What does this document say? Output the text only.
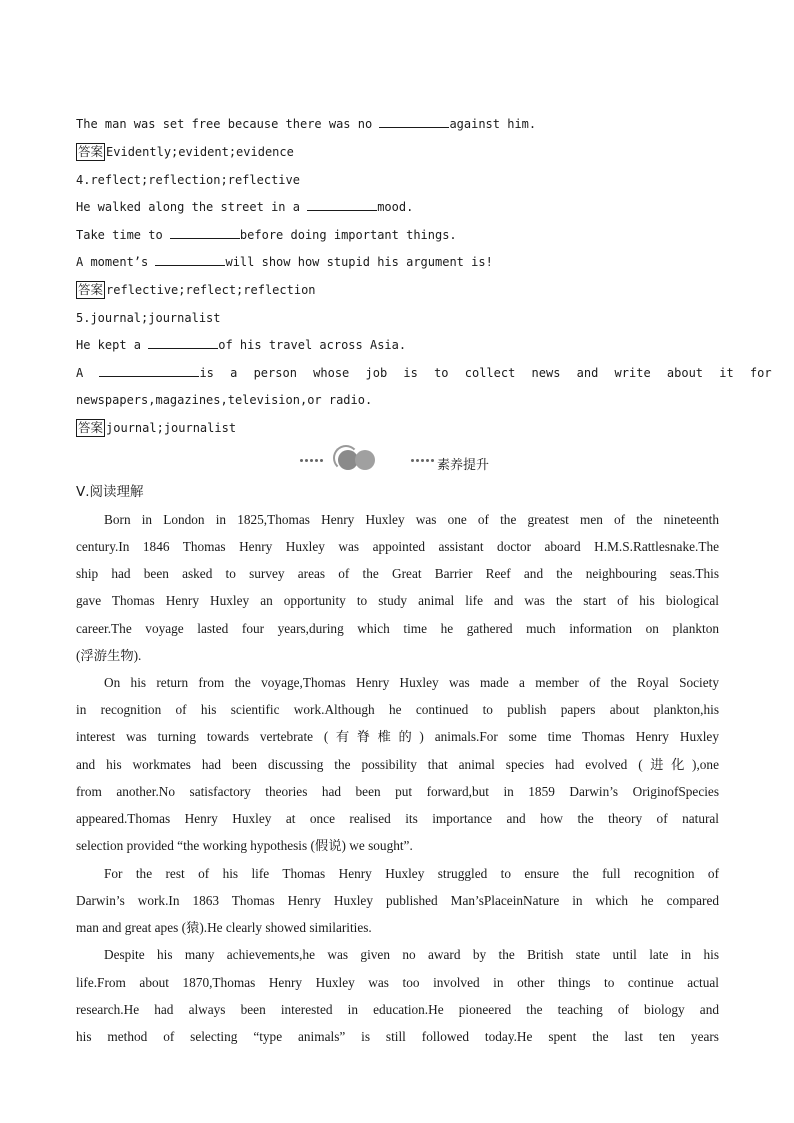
The man was set free because there was no	against him.
答案 Evidently;evident;evidence
4.reflect;reflection;reflective
He walked along the street in a	mood.
Take time to	before doing important things.
A moment’s	will show how stupid his argument is!
答案 reflective;reflect;reflection
5.journal;journalist
He kept a	of his travel across Asia.
A	is a person whose job is to collect news and write about it for
newspapers,magazines,television,or radio.
答案 journal;journalist
素养提升
Ⅴ.阅读理解
Born in London in 1825,Thomas Henry Huxley was one of the greatest men of the nineteenth
century.In 1846 Thomas Henry Huxley was appointed assistant doctor aboard H.M.S.Rattlesnake.The
ship had been asked to survey areas of the Great Barrier Reef and the neighbouring seas.This
gave Thomas Henry Huxley an opportunity to study animal life and was the start of his biological
career.The voyage lasted four years,during which time he gathered much information on plankton
(浮游生物).
On his return from the voyage,Thomas Henry Huxley was made a member of the Royal Society
in recognition of his scientific work.Although he continued to publish papers about plankton,his
interest was turning towards vertebrate (有脊椎的) animals.For some time Thomas Henry Huxley
and his workmates had been discussing the possibility that animal species had evolved (进化),one
from another.No satisfactory theories had been put forward,but in 1859 Darwin’s OriginofSpecies
appeared.Thomas Henry Huxley at once realised its importance and how the theory of natural
selection provided “the working hypothesis (假说) we sought”.
For the rest of his life Thomas Henry Huxley struggled to ensure the full recognition of
Darwin’s work.In 1863 Thomas Henry Huxley published Man’sPlaceinNature in which he compared
man and great apes (猿).He clearly showed similarities.
Despite his many achievements,he was given no award by the British state until late in his
life.From about 1870,Thomas Henry Huxley was too involved in other things to continue actual
research.He had always been interested in education.He pioneered the teaching of biology and
his method of selecting “type animals” is still followed today.He spent the last ten years
